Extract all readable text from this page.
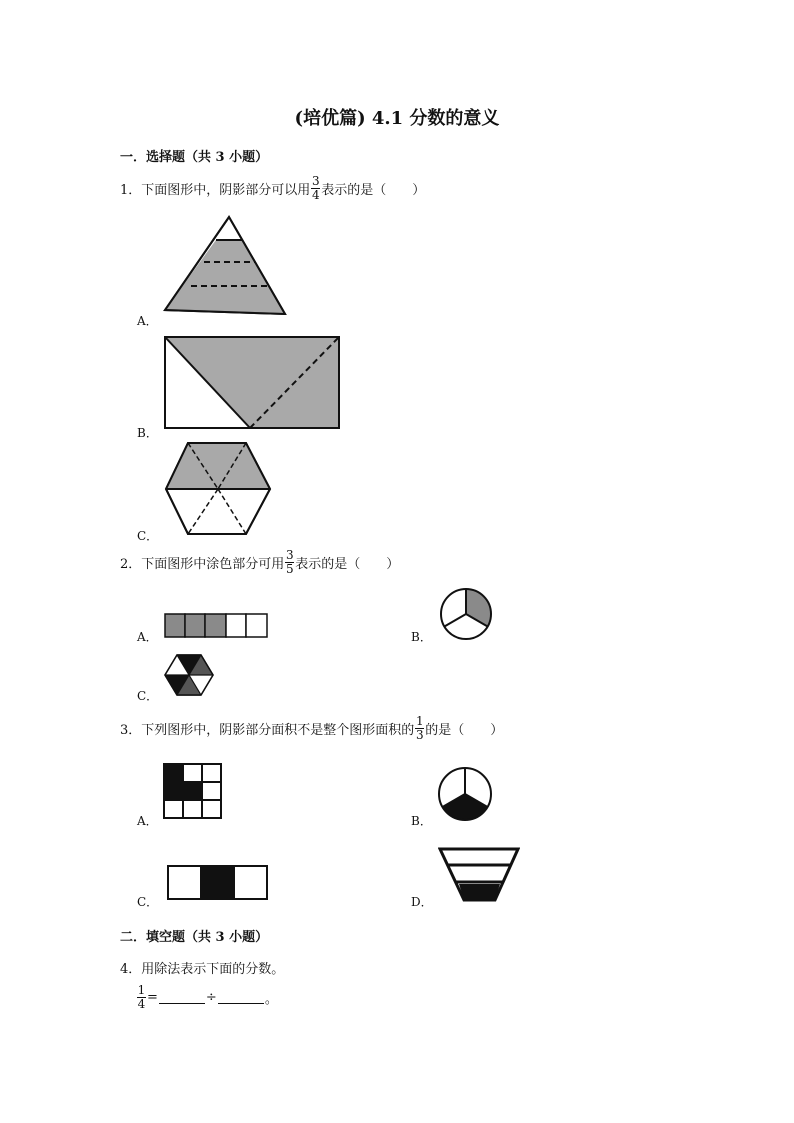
(培优篇) 4.1 分数的意义
一．选择题（共 3 小题）
1．下面图形中，阴影部分可以用 $\frac{3}{4}$ 表示的是（　　）
A．
B．
C．
2．下面图形中涂色部分可用 $\frac{3}{5}$ 表示的是（　　）
A．	B．
C．
3．下列图形中，阴影部分面积不是整个图形面积的 $\frac{1}{3}$ 的是（　　）
A．	B．
C．	D．
二．填空题（共 3 小题）
4．用除法表示下面的分数。
$\frac{1}{4}$ =	÷	。
